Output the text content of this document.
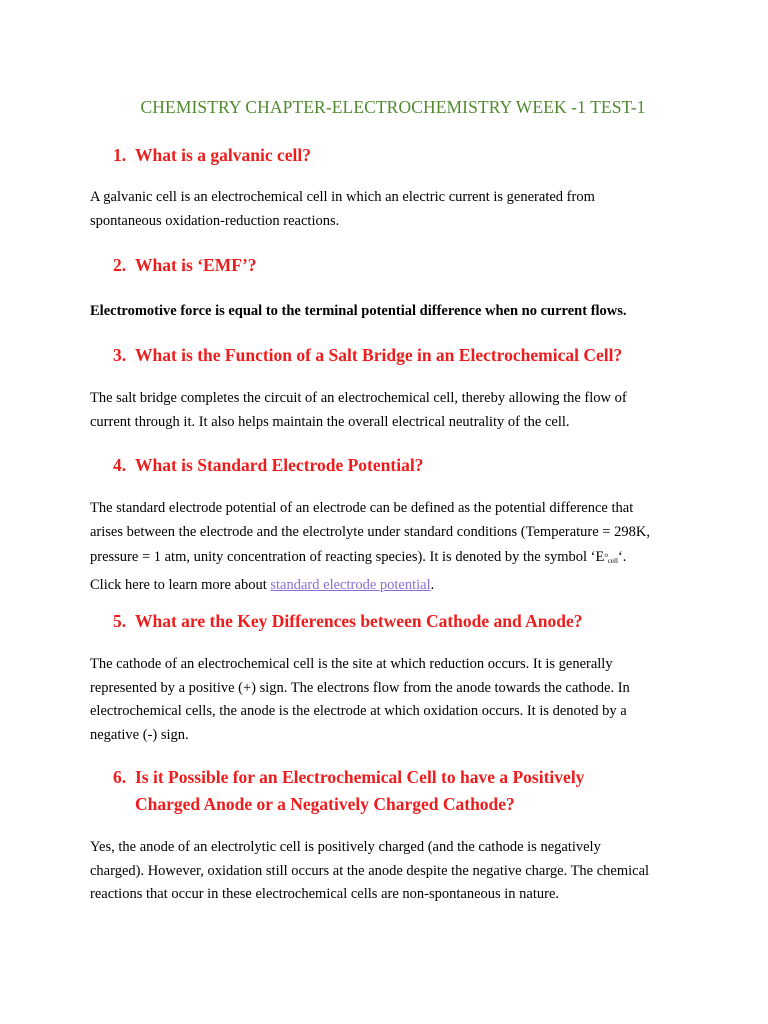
CHEMISTRY CHAPTER-ELECTROCHEMISTRY WEEK -1 TEST-1
1. What is a galvanic cell?
A galvanic cell is an electrochemical cell in which an electric current is generated from
spontaneous oxidation-reduction reactions.
2. What is ‘EMF’?
Electromotive force is equal to the terminal potential difference when no current flows.
3. What is the Function of a Salt Bridge in an Electrochemical Cell?
The salt bridge completes the circuit of an electrochemical cell, thereby allowing the flow of
current through it. It also helps maintain the overall electrical neutrality of the cell.
4. What is Standard Electrode Potential?
The standard electrode potential of an electrode can be defined as the potential difference that
arises between the electrode and the electrolyte under standard conditions (Temperature = 298K,
pressure = 1 atm, unity concentration of reacting species). It is denoted by the symbol ‘$E^o_{cell}‘$.
Click here to learn more about standard electrode potential.
5. What are the Key Differences between Cathode and Anode?
The cathode of an electrochemical cell is the site at which reduction occurs. It is generally
represented by a positive (+) sign. The electrons flow from the anode towards the cathode. In
electrochemical cells, the anode is the electrode at which oxidation occurs. It is denoted by a
negative (-) sign.
6. Is it Possible for an Electrochemical Cell to have a Positively
Charged Anode or a Negatively Charged Cathode?
Yes, the anode of an electrolytic cell is positively charged (and the cathode is negatively
charged). However, oxidation still occurs at the anode despite the negative charge. The chemical
reactions that occur in these electrochemical cells are non-spontaneous in nature.
